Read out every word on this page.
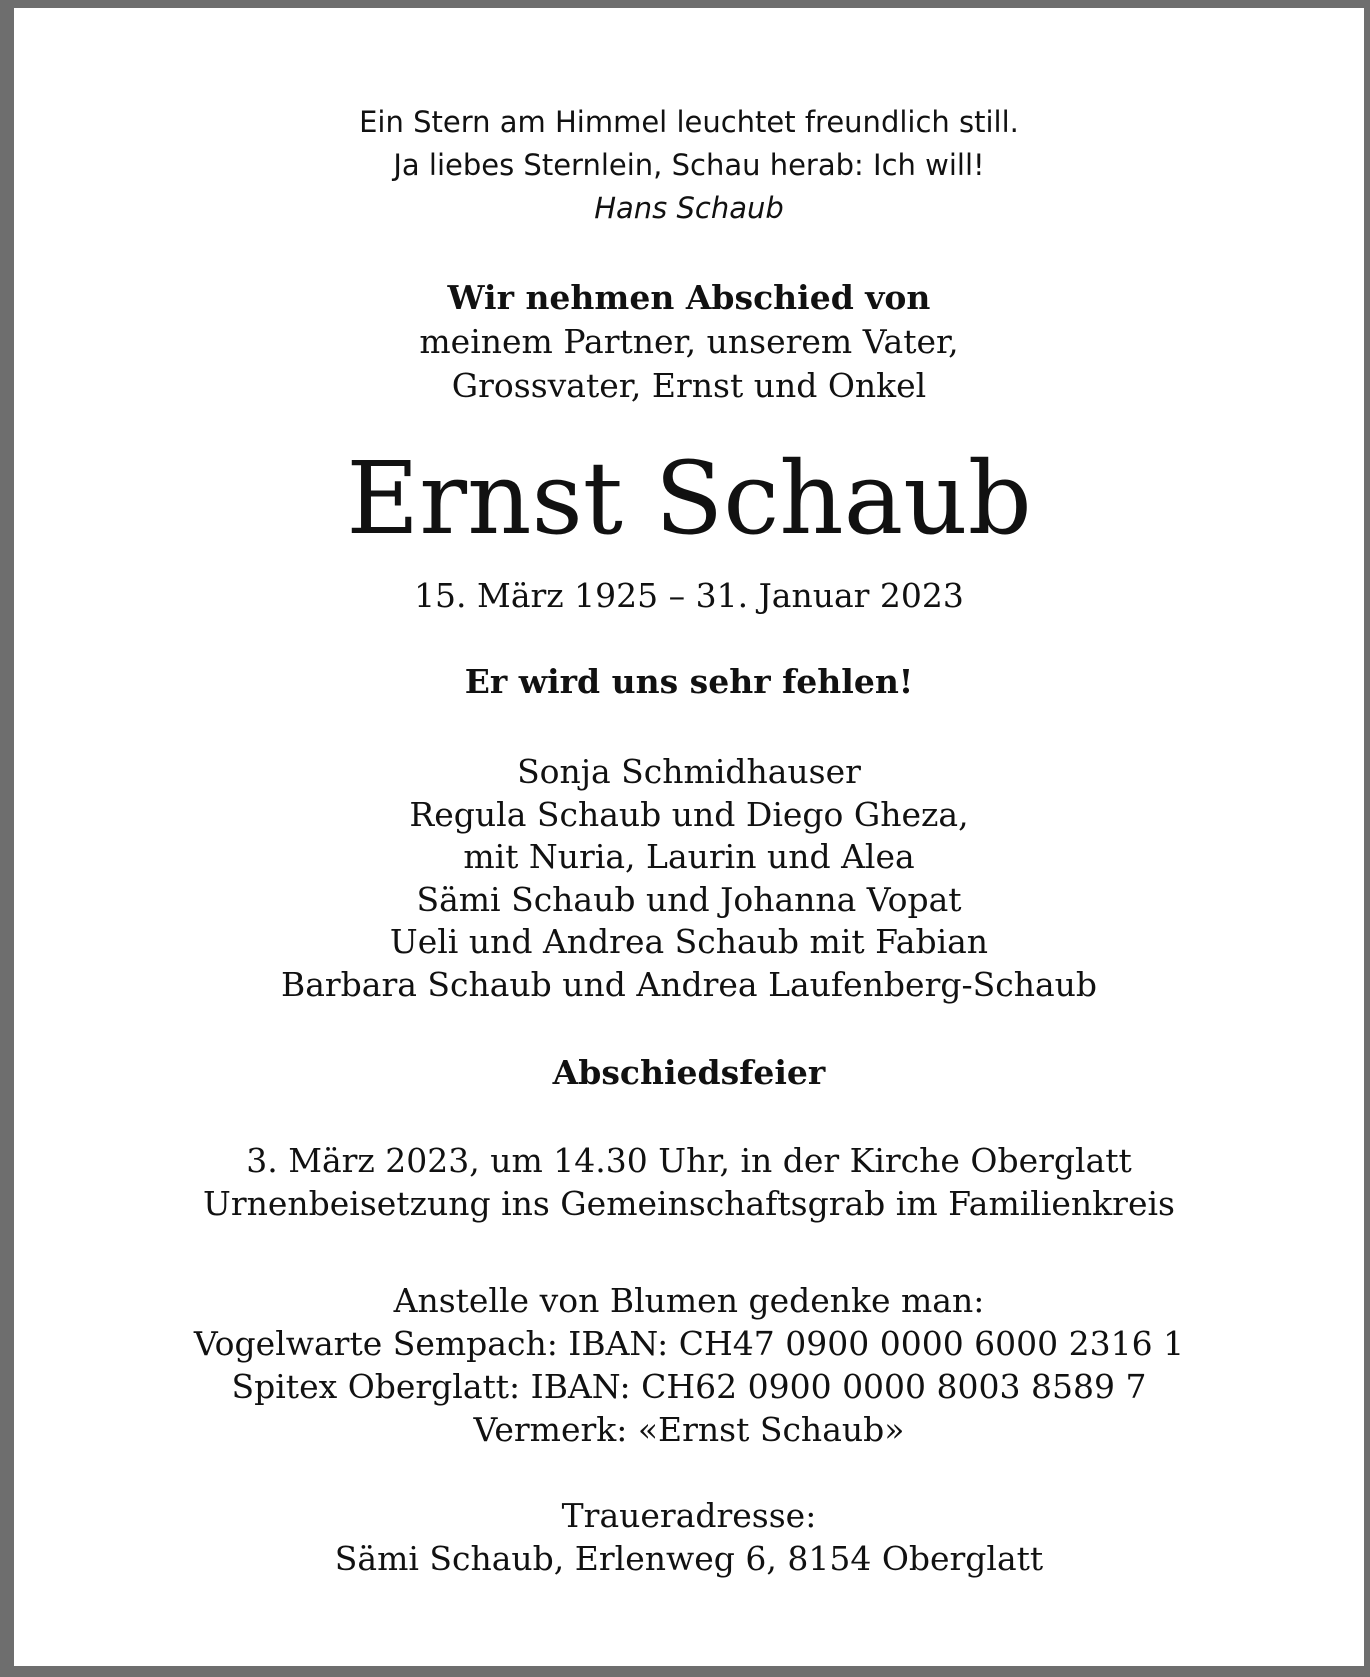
Ein Stern am Himmel leuchtet freundlich still.
Ja liebes Sternlein, Schau herab: Ich will!
Hans Schaub
Wir nehmen Abschied von
meinem Partner, unserem Vater,
Grossvater, Ernst und Onkel
Ernst Schaub
15. März 1925 – 31. Januar 2023
Er wird uns sehr fehlen!
Sonja Schmidhauser
Regula Schaub und Diego Gheza,
mit Nuria, Laurin und Alea
Sämi Schaub und Johanna Vopat
Ueli und Andrea Schaub mit Fabian
Barbara Schaub und Andrea Laufenberg-Schaub
Abschiedsfeier
3. März 2023, um 14.30 Uhr, in der Kirche Oberglatt
Urnenbeisetzung ins Gemeinschaftsgrab im Familienkreis
Anstelle von Blumen gedenke man:
Vogelwarte Sempach: IBAN: CH47 0900 0000 6000 2316 1
Spitex Oberglatt: IBAN: CH62 0900 0000 8003 8589 7
Vermerk: «Ernst Schaub»
Traueradresse:
Sämi Schaub, Erlenweg 6, 8154 Oberglatt
